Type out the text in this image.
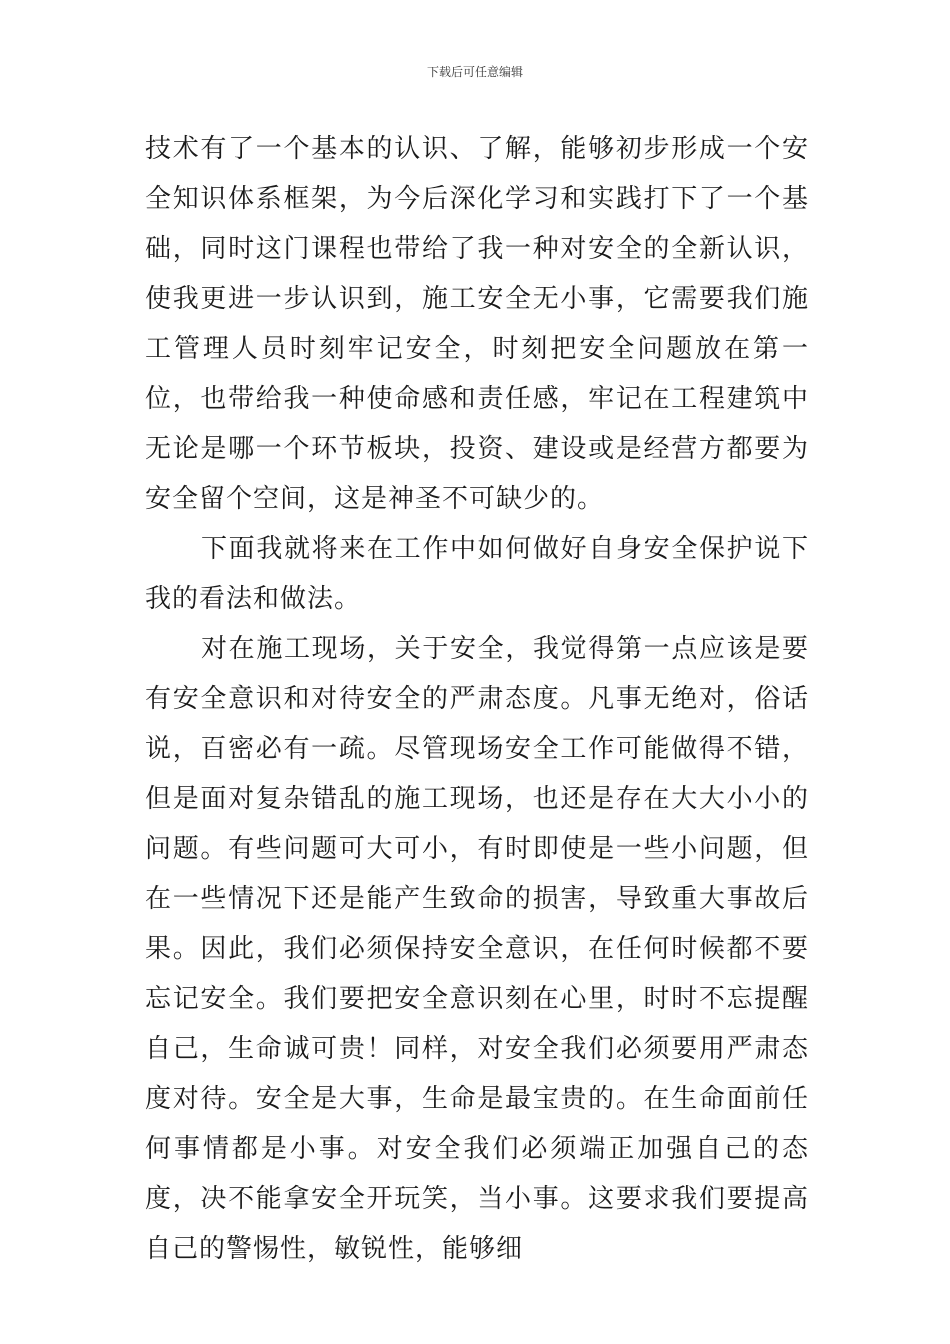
下载后可任意编辑

技术有了一个基本的认识、了解，能够初步形成一个安全知识体系框架，为今后深化学习和实践打下了一个基础，同时这门课程也带给了我一种对安全的全新认识，使我更进一步认识到，施工安全无小事，它需要我们施工管理人员时刻牢记安全，时刻把安全问题放在第一位，也带给我一种使命感和责任感，牢记在工程建筑中无论是哪一个环节板块，投资、建设或是经营方都要为安全留个空间，这是神圣不可缺少的。

下面我就将来在工作中如何做好自身安全保护说下我的看法和做法。

对在施工现场，关于安全，我觉得第一点应该是要有安全意识和对待安全的严肃态度。凡事无绝对，俗话说，百密必有一疏。尽管现场安全工作可能做得不错，但是面对复杂错乱的施工现场，也还是存在大大小小的问题。有些问题可大可小，有时即使是一些小问题，但在一些情况下还是能产生致命的损害，导致重大事故后果。因此，我们必须保持安全意识，在任何时候都不要忘记安全。我们要把安全意识刻在心里，时时不忘提醒自己，生命诚可贵！同样，对安全我们必须要用严肃态度对待。安全是大事，生命是最宝贵的。在生命面前任何事情都是小事。对安全我们必须端正加强自己的态度，决不能拿安全开玩笑，当小事。这要求我们要提高自己的警惕性，敏锐性，能够细
